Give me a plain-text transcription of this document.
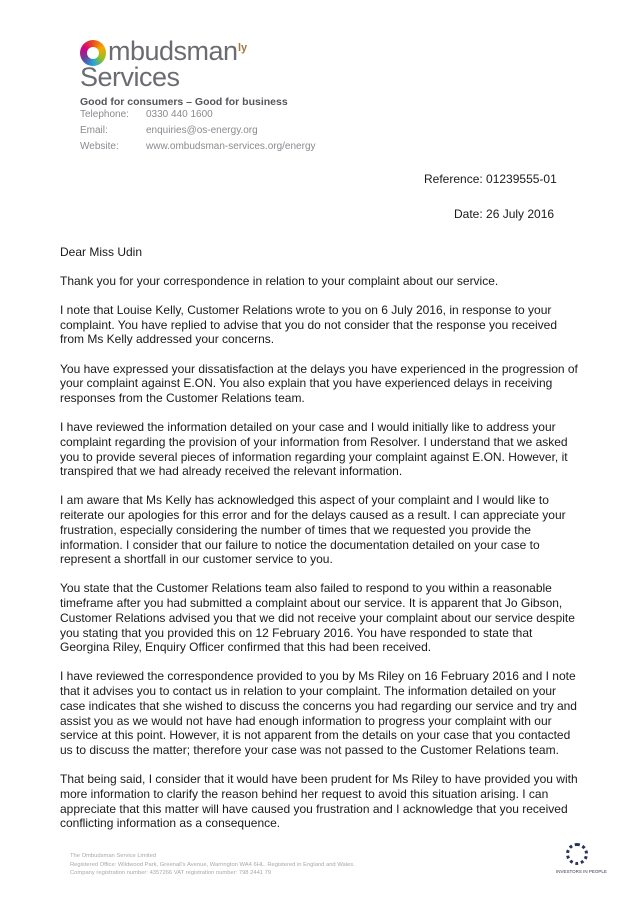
mbudsman ly
Services
Good for consumers – Good for business
Telephone: 0330 440 1600
Email:	enquiries@os-energy.org
Website:	www.ombudsman-services.org/energy
Reference: 01239555-01
Date: 26 July 2016

Dear Miss Udin

Thank you for your correspondence in relation to your complaint about our service.

I note that Louise Kelly, Customer Relations wrote to you on 6 July 2016, in response to your complaint. You have replied to advise that you do not consider that the response you received from Ms Kelly addressed your concerns.

You have expressed your dissatisfaction at the delays you have experienced in the progression of your complaint against E.ON. You also explain that you have experienced delays in receiving responses from the Customer Relations team.

I have reviewed the information detailed on your case and I would initially like to address your complaint regarding the provision of your information from Resolver. I understand that we asked you to provide several pieces of information regarding your complaint against E.ON. However, it transpired that we had already received the relevant information.

I am aware that Ms Kelly has acknowledged this aspect of your complaint and I would like to reiterate our apologies for this error and for the delays caused as a result. I can appreciate your frustration, especially considering the number of times that we requested you provide the information. I consider that our failure to notice the documentation detailed on your case to represent a shortfall in our customer service to you.

You state that the Customer Relations team also failed to respond to you within a reasonable timeframe after you had submitted a complaint about our service. It is apparent that Jo Gibson, Customer Relations advised you that we did not receive your complaint about our service despite you stating that you provided this on 12 February 2016. You have responded to state that Georgina Riley, Enquiry Officer confirmed that this had been received.

I have reviewed the correspondence provided to you by Ms Riley on 16 February 2016 and I note that it advises you to contact us in relation to your complaint. The information detailed on your case indicates that she wished to discuss the concerns you had regarding our service and try and assist you as we would not have had enough information to progress your complaint with our service at this point. However, it is not apparent from the details on your case that you contacted us to discuss the matter; therefore your case was not passed to the Customer Relations team.

That being said, I consider that it would have been prudent for Ms Riley to have provided you with more information to clarify the reason behind her request to avoid this situation arising. I can appreciate that this matter will have caused you frustration and I acknowledge that you received conflicting information as a consequence.

The Ombudsman Service Limited
Registered Office: Wildwood Park, Greenall's Avenue, Warrington WA4 6HL. Registered in England and Wales.
Company registration number: 4357266 VAT registration number: 798 2441 79	INVESTORS IN PEOPLE
